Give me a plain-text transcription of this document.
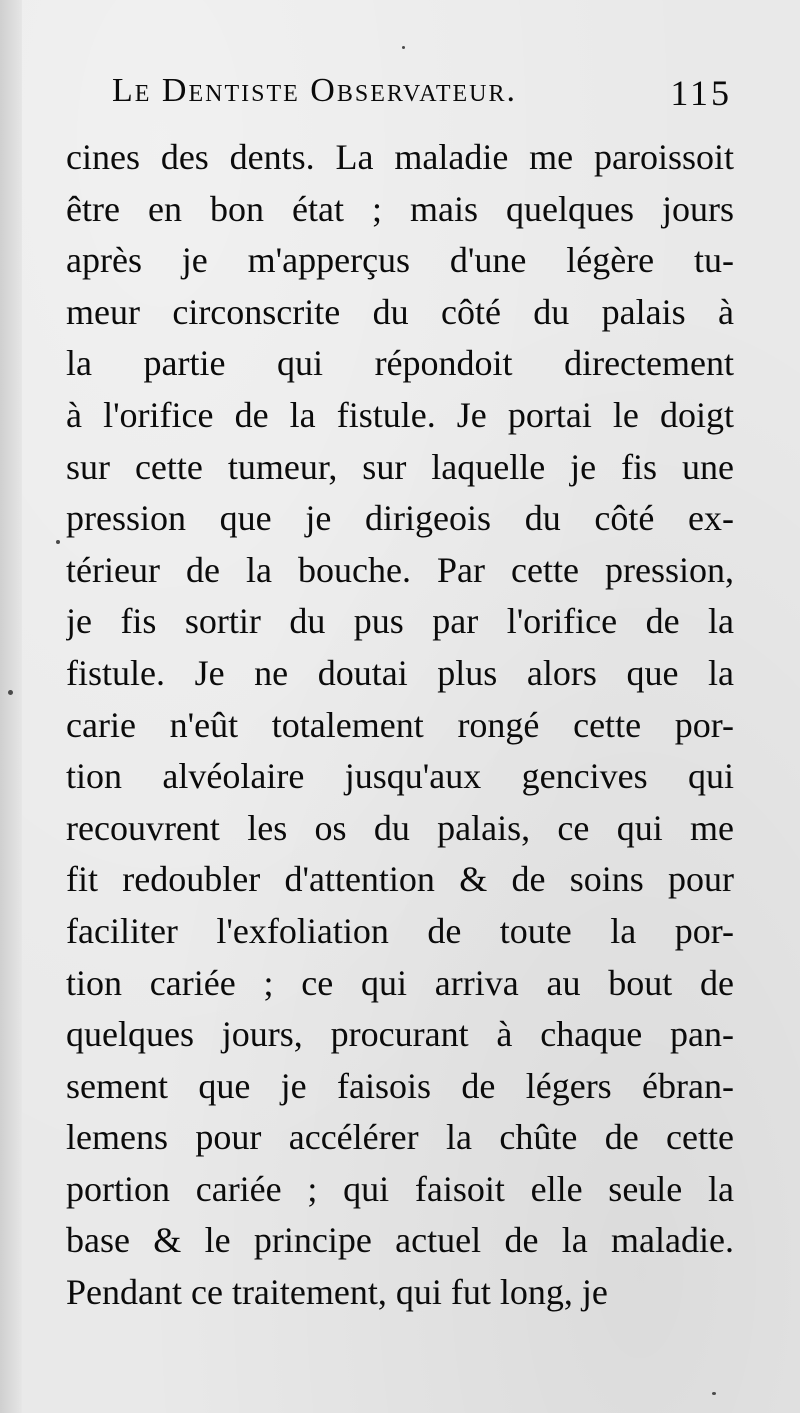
Le Dentiste Observateur.	115
cines des dents. La maladie me paroissoit
être en bon état ; mais quelques jours
après je m'apperçus d'une légère tu-
meur circonscrite du côté du palais à
la partie qui répondoit directement
à l'orifice de la fistule. Je portai le doigt
sur cette tumeur, sur laquelle je fis une
pression que je dirigeois du côté ex-
térieur de la bouche. Par cette pression,
je fis sortir du pus par l'orifice de la
fistule. Je ne doutai plus alors que la
carie n'eût totalement rongé cette por-
tion alvéolaire jusqu'aux gencives qui
recouvrent les os du palais, ce qui me
fit redoubler d'attention & de soins pour
faciliter l'exfoliation de toute la por-
tion cariée ; ce qui arriva au bout de
quelques jours, procurant à chaque pan-
sement que je faisois de légers ébran-
lemens pour accélérer la chûte de cette
portion cariée ; qui faisoit elle seule la
base & le principe actuel de la maladie.
Pendant ce traitement, qui fut long, je
